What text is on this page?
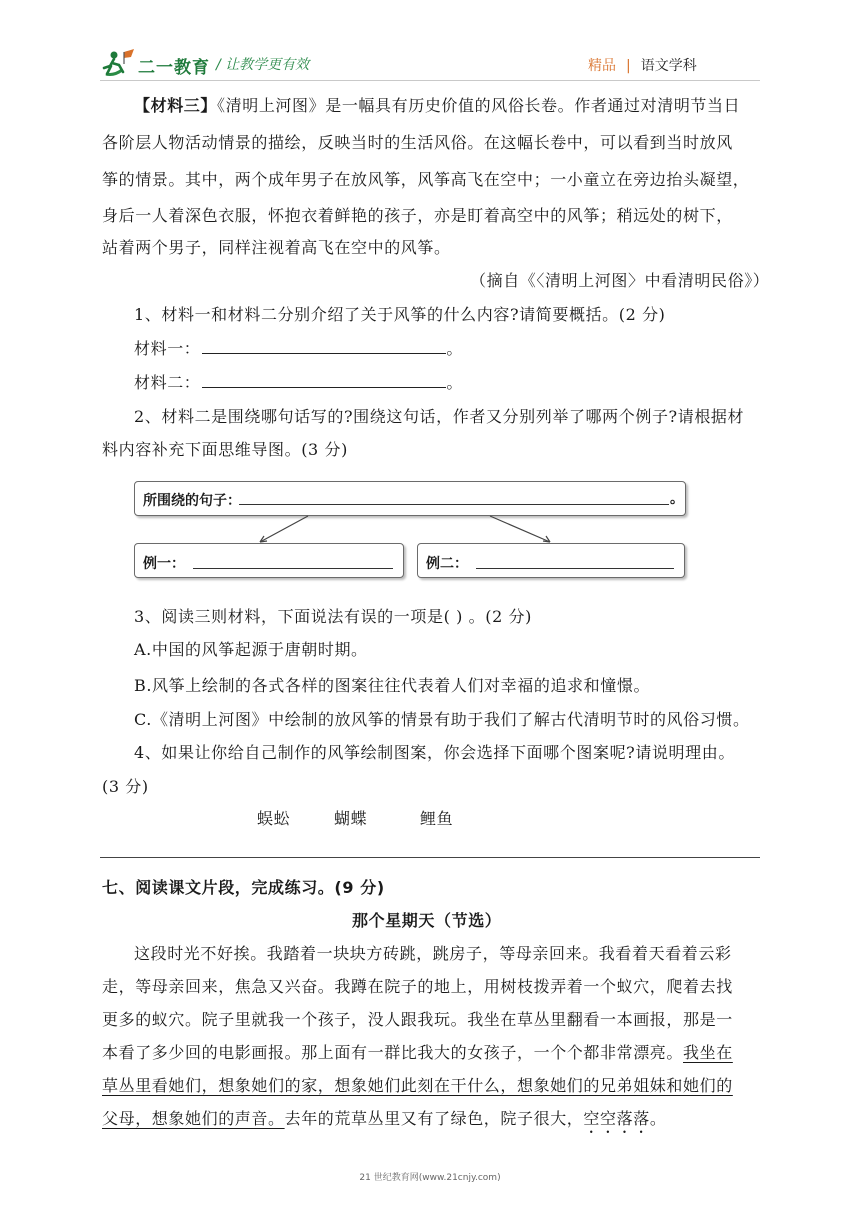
二一教育 / 让教学更有效	精品 | 语文学科
【材料三】《清明上河图》是一幅具有历史价值的风俗长卷。作者通过对清明节当日
各阶层人物活动情景的描绘，反映当时的生活风俗。在这幅长卷中，可以看到当时放风
筝的情景。其中，两个成年男子在放风筝，风筝高飞在空中；一小童立在旁边抬头凝望，
身后一人着深色衣服，怀抱衣着鲜艳的孩子，亦是盯着高空中的风筝；稍远处的树下，
站着两个男子，同样注视着高飞在空中的风筝。
（摘自《〈清明上河图〉中看清明民俗》）
1、材料一和材料二分别介绍了关于风筝的什么内容?请简要概括。(2 分)
材料一：	。
材料二：	。
2、材料二是围绕哪句话写的?围绕这句话，作者又分别列举了哪两个例子?请根据材
料内容补充下面思维导图。(3 分)
所围绕的句子：	。
例一：	例二：
3、阅读三则材料，下面说法有误的一项是( ) 。(2 分)
A.中国的风筝起源于唐朝时期。
B.风筝上绘制的各式各样的图案往往代表着人们对幸福的追求和憧憬。
C.《清明上河图》中绘制的放风筝的情景有助于我们了解古代清明节时的风俗习惯。
4、如果让你给自己制作的风筝绘制图案，你会选择下面哪个图案呢?请说明理由。
(3 分)
蜈蚣	蝴蝶	鲤鱼
七、阅读课文片段，完成练习。(9 分)
那个星期天（节选）
这段时光不好挨。我踏着一块块方砖跳，跳房子，等母亲回来。我看着天看着云彩
走，等母亲回来，焦急又兴奋。我蹲在院子的地上，用树枝拨弄着一个蚁穴，爬着去找
更多的蚁穴。院子里就我一个孩子，没人跟我玩。我坐在草丛里翻看一本画报，那是一
本看了多少回的电影画报。那上面有一群比我大的女孩子，一个个都非常漂亮。我坐在
草丛里看她们，想象她们的家，想象她们此刻在干什么，想象她们的兄弟姐妹和她们的
父母，想象她们的声音。去年的荒草丛里又有了绿色，院子很大，空空落落。
21 世纪教育网(www.21cnjy.com)
